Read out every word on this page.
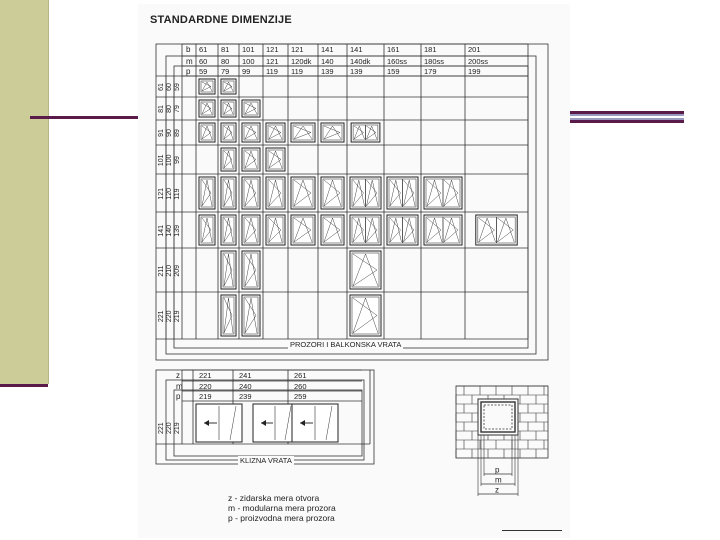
STANDARDNE DIMENZIJE
b
m
p
61
60
59
81
80
79
101
100
99
121
121
119
121
120dk
119
141
140
139
141
140dk
139
161
160ss
159
181
180ss
179
201
200ss
199
61 60 59
81 80 79
91 90 89
101 100 99
121 120 119
141 140 139
211 210 209
221 220 219
z
m
p
221
220
219
241
240
239
261
260
259
221 220 219
p
m
z
PROZORI I BALKONSKA VRATA
KLIZNA VRATA
z - zidarska mera otvora
m - modularna mera prozora
p - proizvodna mera prozora
